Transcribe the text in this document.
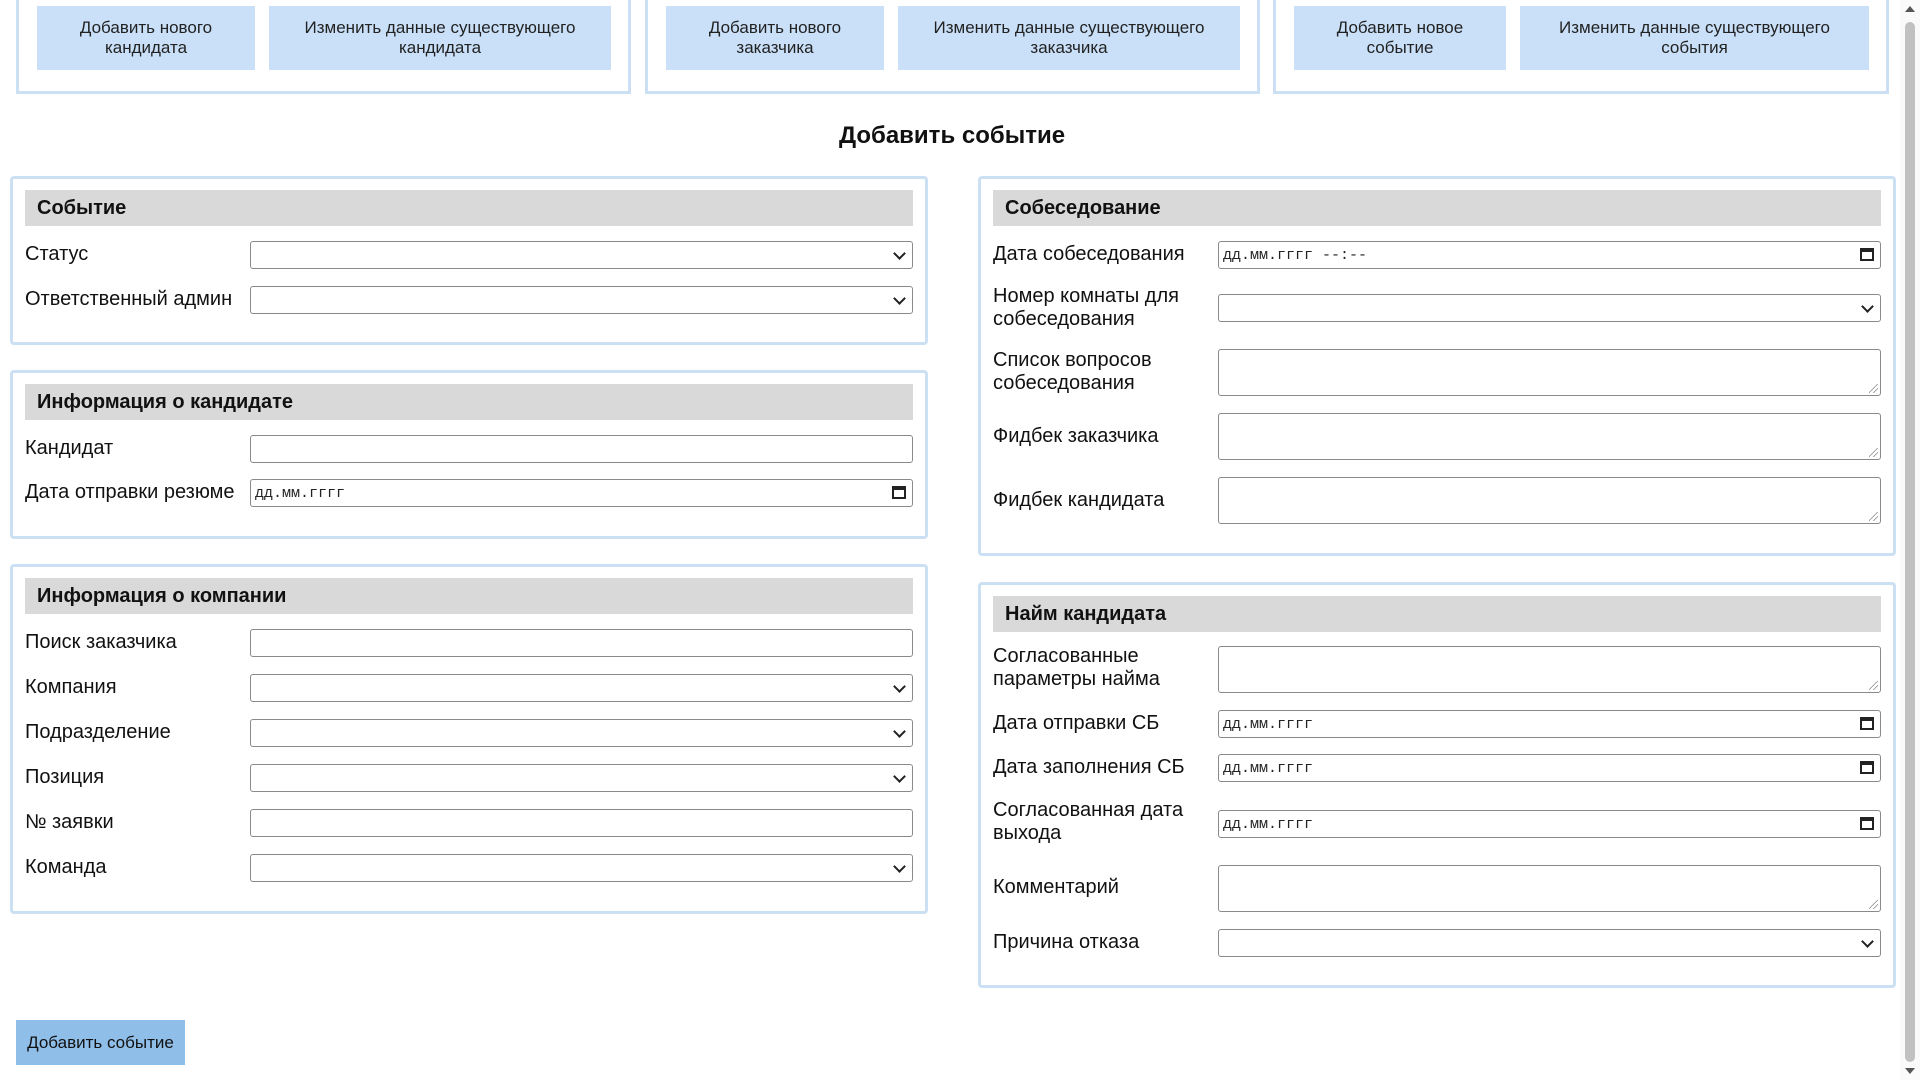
Добавить нового кандидата
Изменить данные существующего кандидата
Добавить нового заказчика
Изменить данные существующего заказчика
Добавить новое событие
Изменить данные существующего события
Добавить событие
Событие
Статус
Ответственный админ
Информация о кандидате
Кандидат
Дата отправки резюме	дд.мм.гггг
Информация о компании
Поиск заказчика
Компания
Подразделение
Позиция
№ заявки
Команда
Собеседование
Дата собеседования	дд.мм.гггг --:--
Номер комнаты для собеседования
Список вопросов собеседования
Фидбек заказчика
Фидбек кандидата
Найм кандидата
Согласованные параметры найма
Дата отправки СБ	дд.мм.гггг
Дата заполнения СБ	дд.мм.гггг
Согласованная дата выхода	дд.мм.гггг
Комментарий
Причина отказа
Добавить событие
